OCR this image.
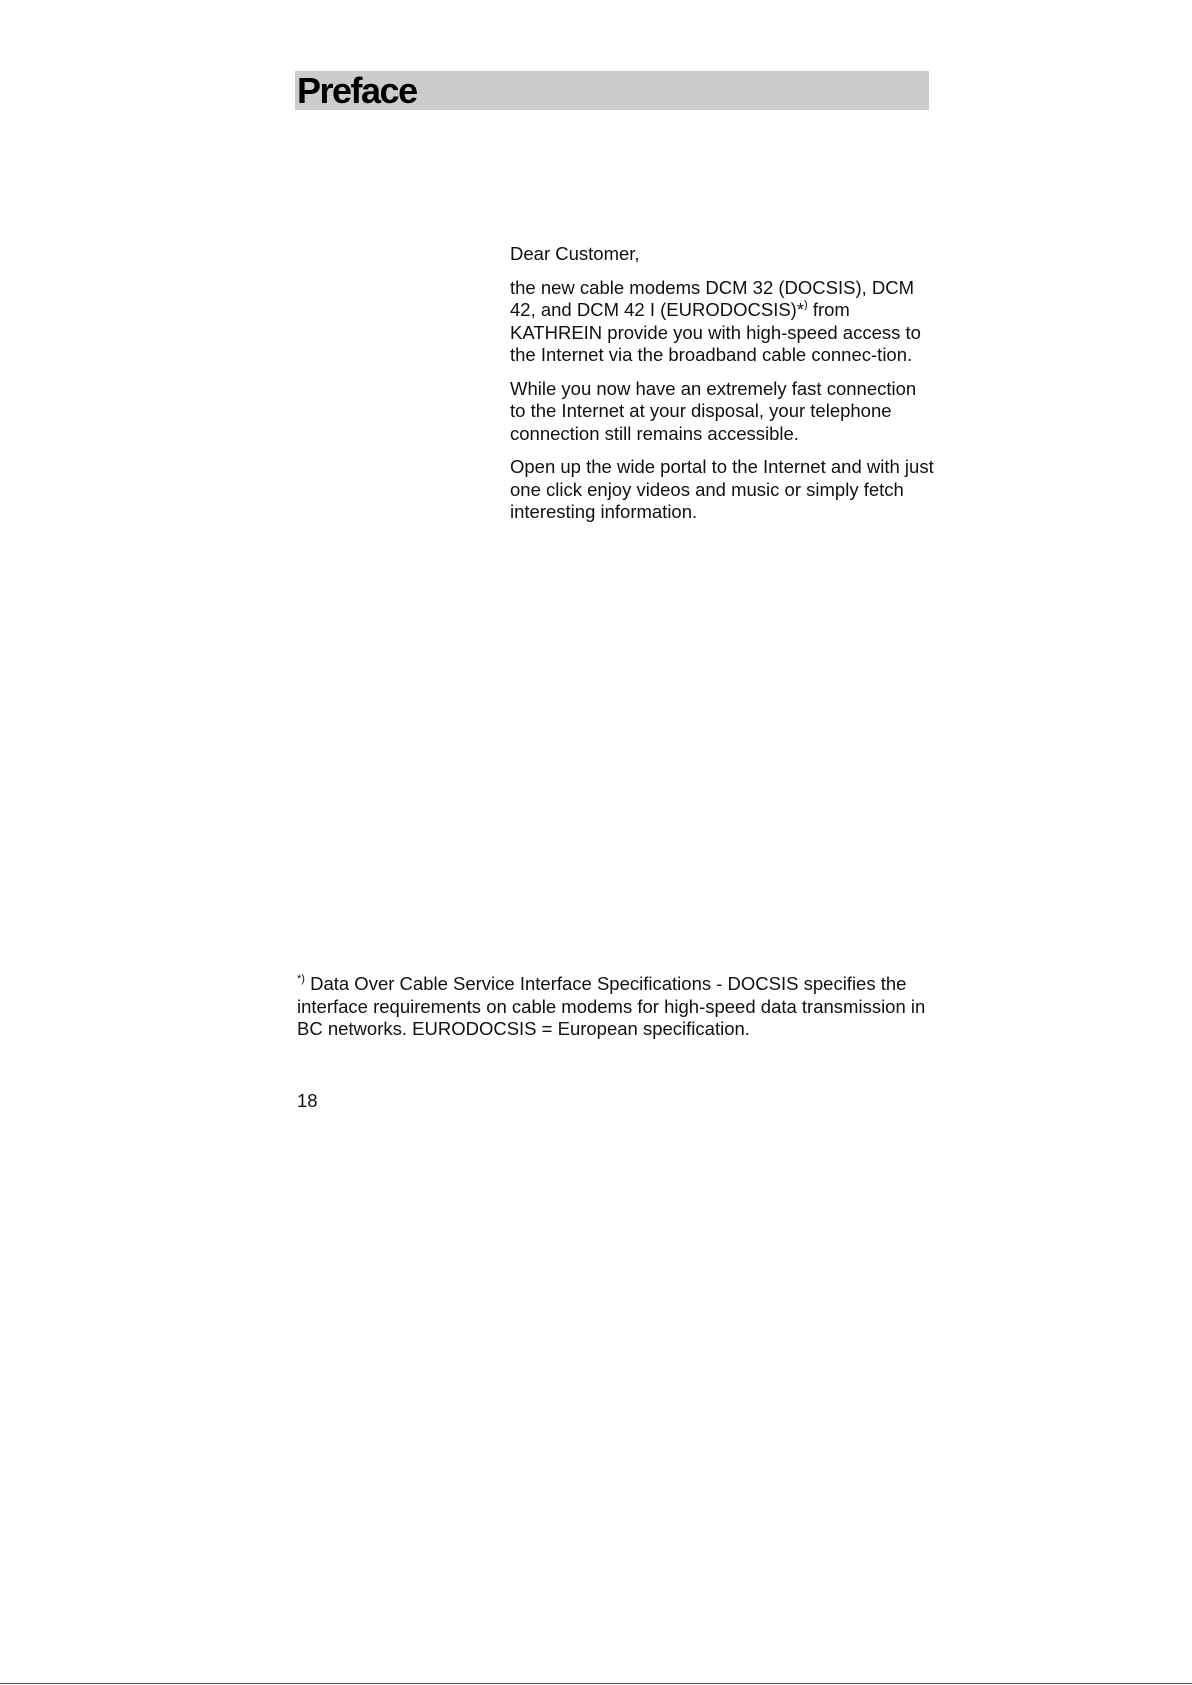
Preface

Dear Customer,

the new cable modems DCM 32 (DOCSIS), DCM 42, and DCM 42 I (EURODOCSIS)*) from KATHREIN provide you with high-speed access to the Internet via the broadband cable connec-tion.

While you now have an extremely fast connection to the Internet at your disposal, your telephone connection still remains accessible.

Open up the wide portal to the Internet and with just one click enjoy videos and music or simply fetch interesting information.

*) Data Over Cable Service Interface Specifications - DOCSIS specifies the interface requirements on cable modems for high-speed data transmission in BC networks. EURODOCSIS = European specification.

18
